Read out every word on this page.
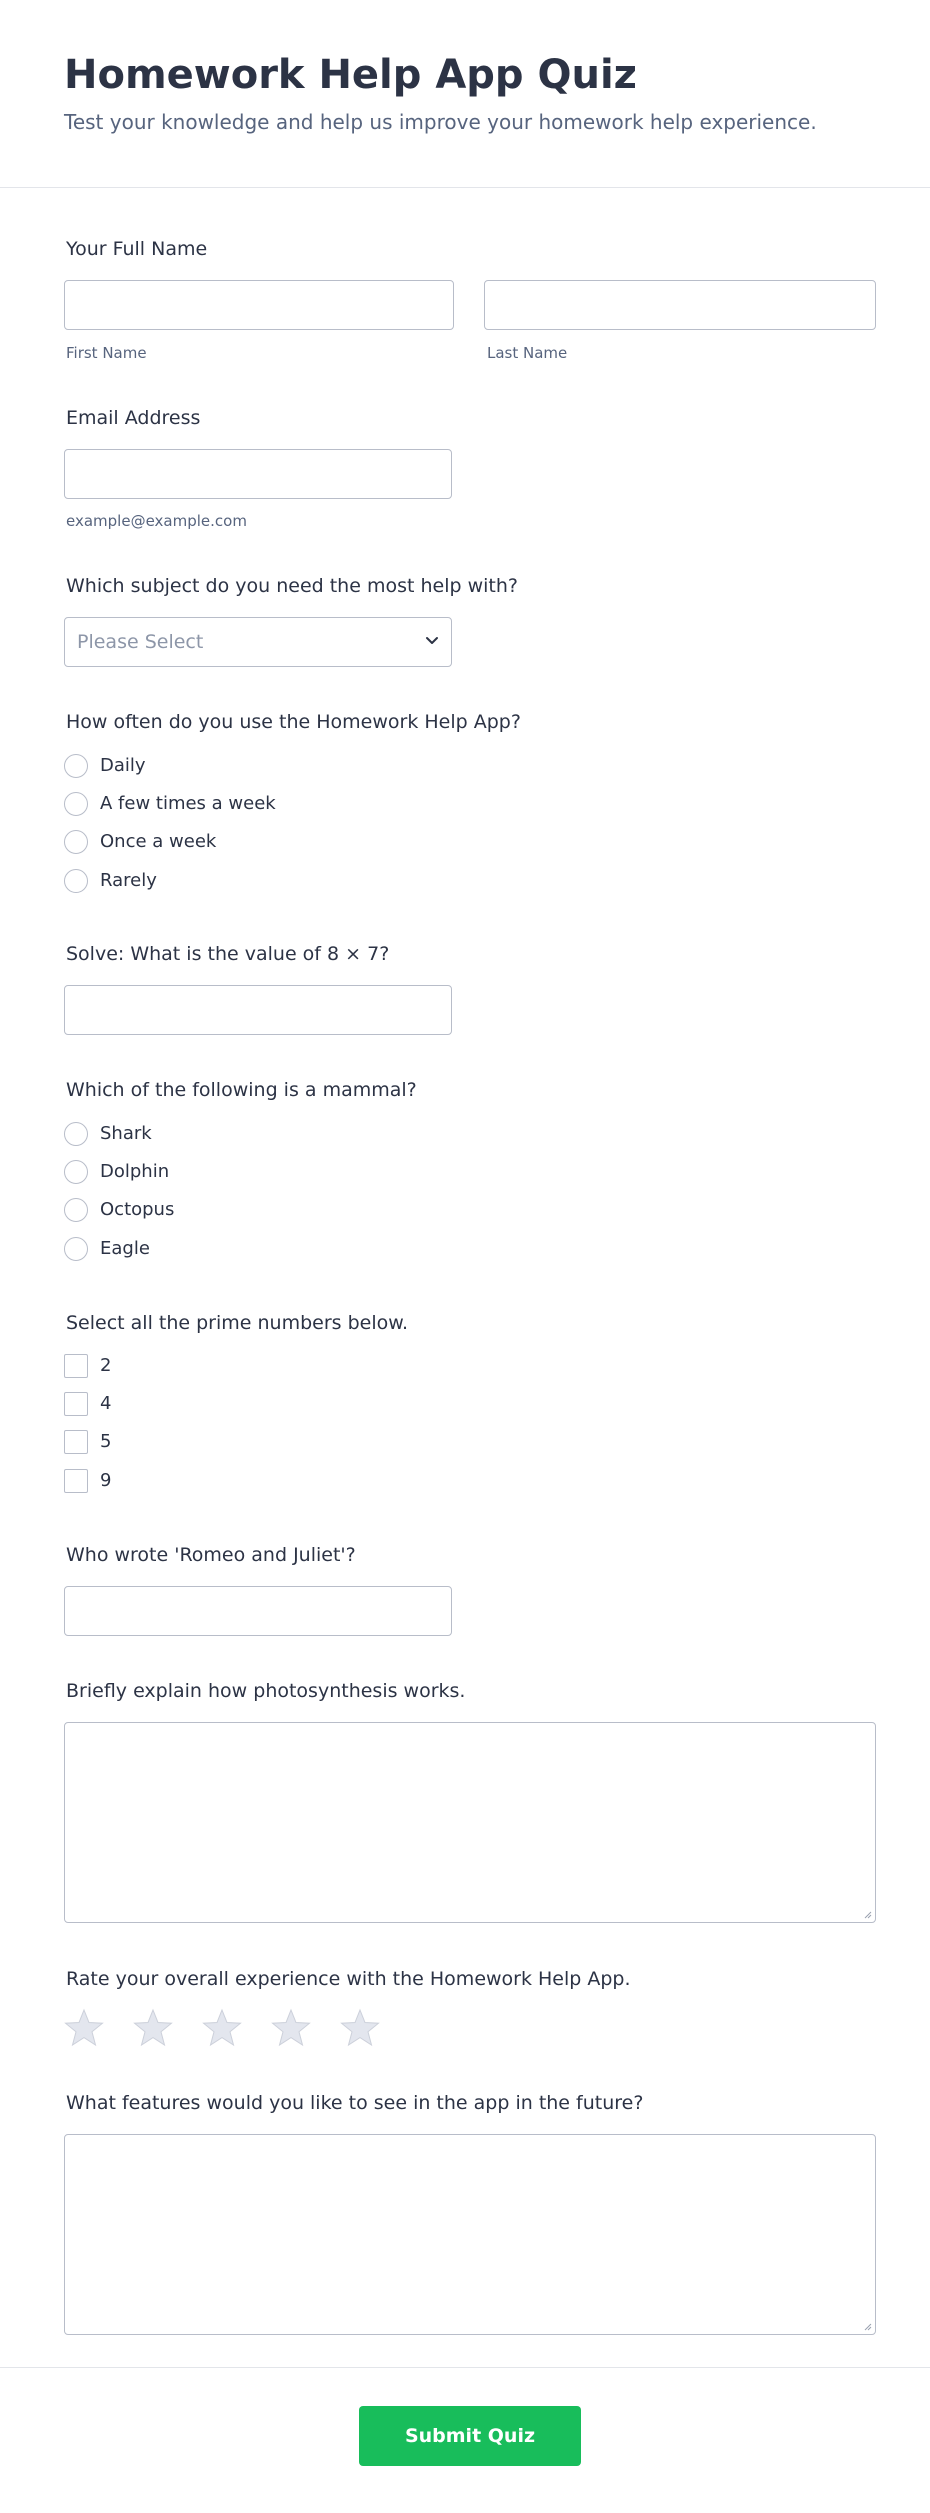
Homework Help App Quiz

Test your knowledge and help us improve your homework help experience.

Your Full Name
First Name	Last Name
Email Address
example@example.com
Which subject do you need the most help with?
Please Select
How often do you use the Homework Help App?
Daily
A few times a week
Once a week
Rarely
Solve: What is the value of 8 × 7?
Which of the following is a mammal?
Shark
Dolphin
Octopus
Eagle
Select all the prime numbers below.
2
4
5
9
Who wrote 'Romeo and Juliet'?
Briefly explain how photosynthesis works.
Rate your overall experience with the Homework Help App.
What features would you like to see in the app in the future?
Submit Quiz
